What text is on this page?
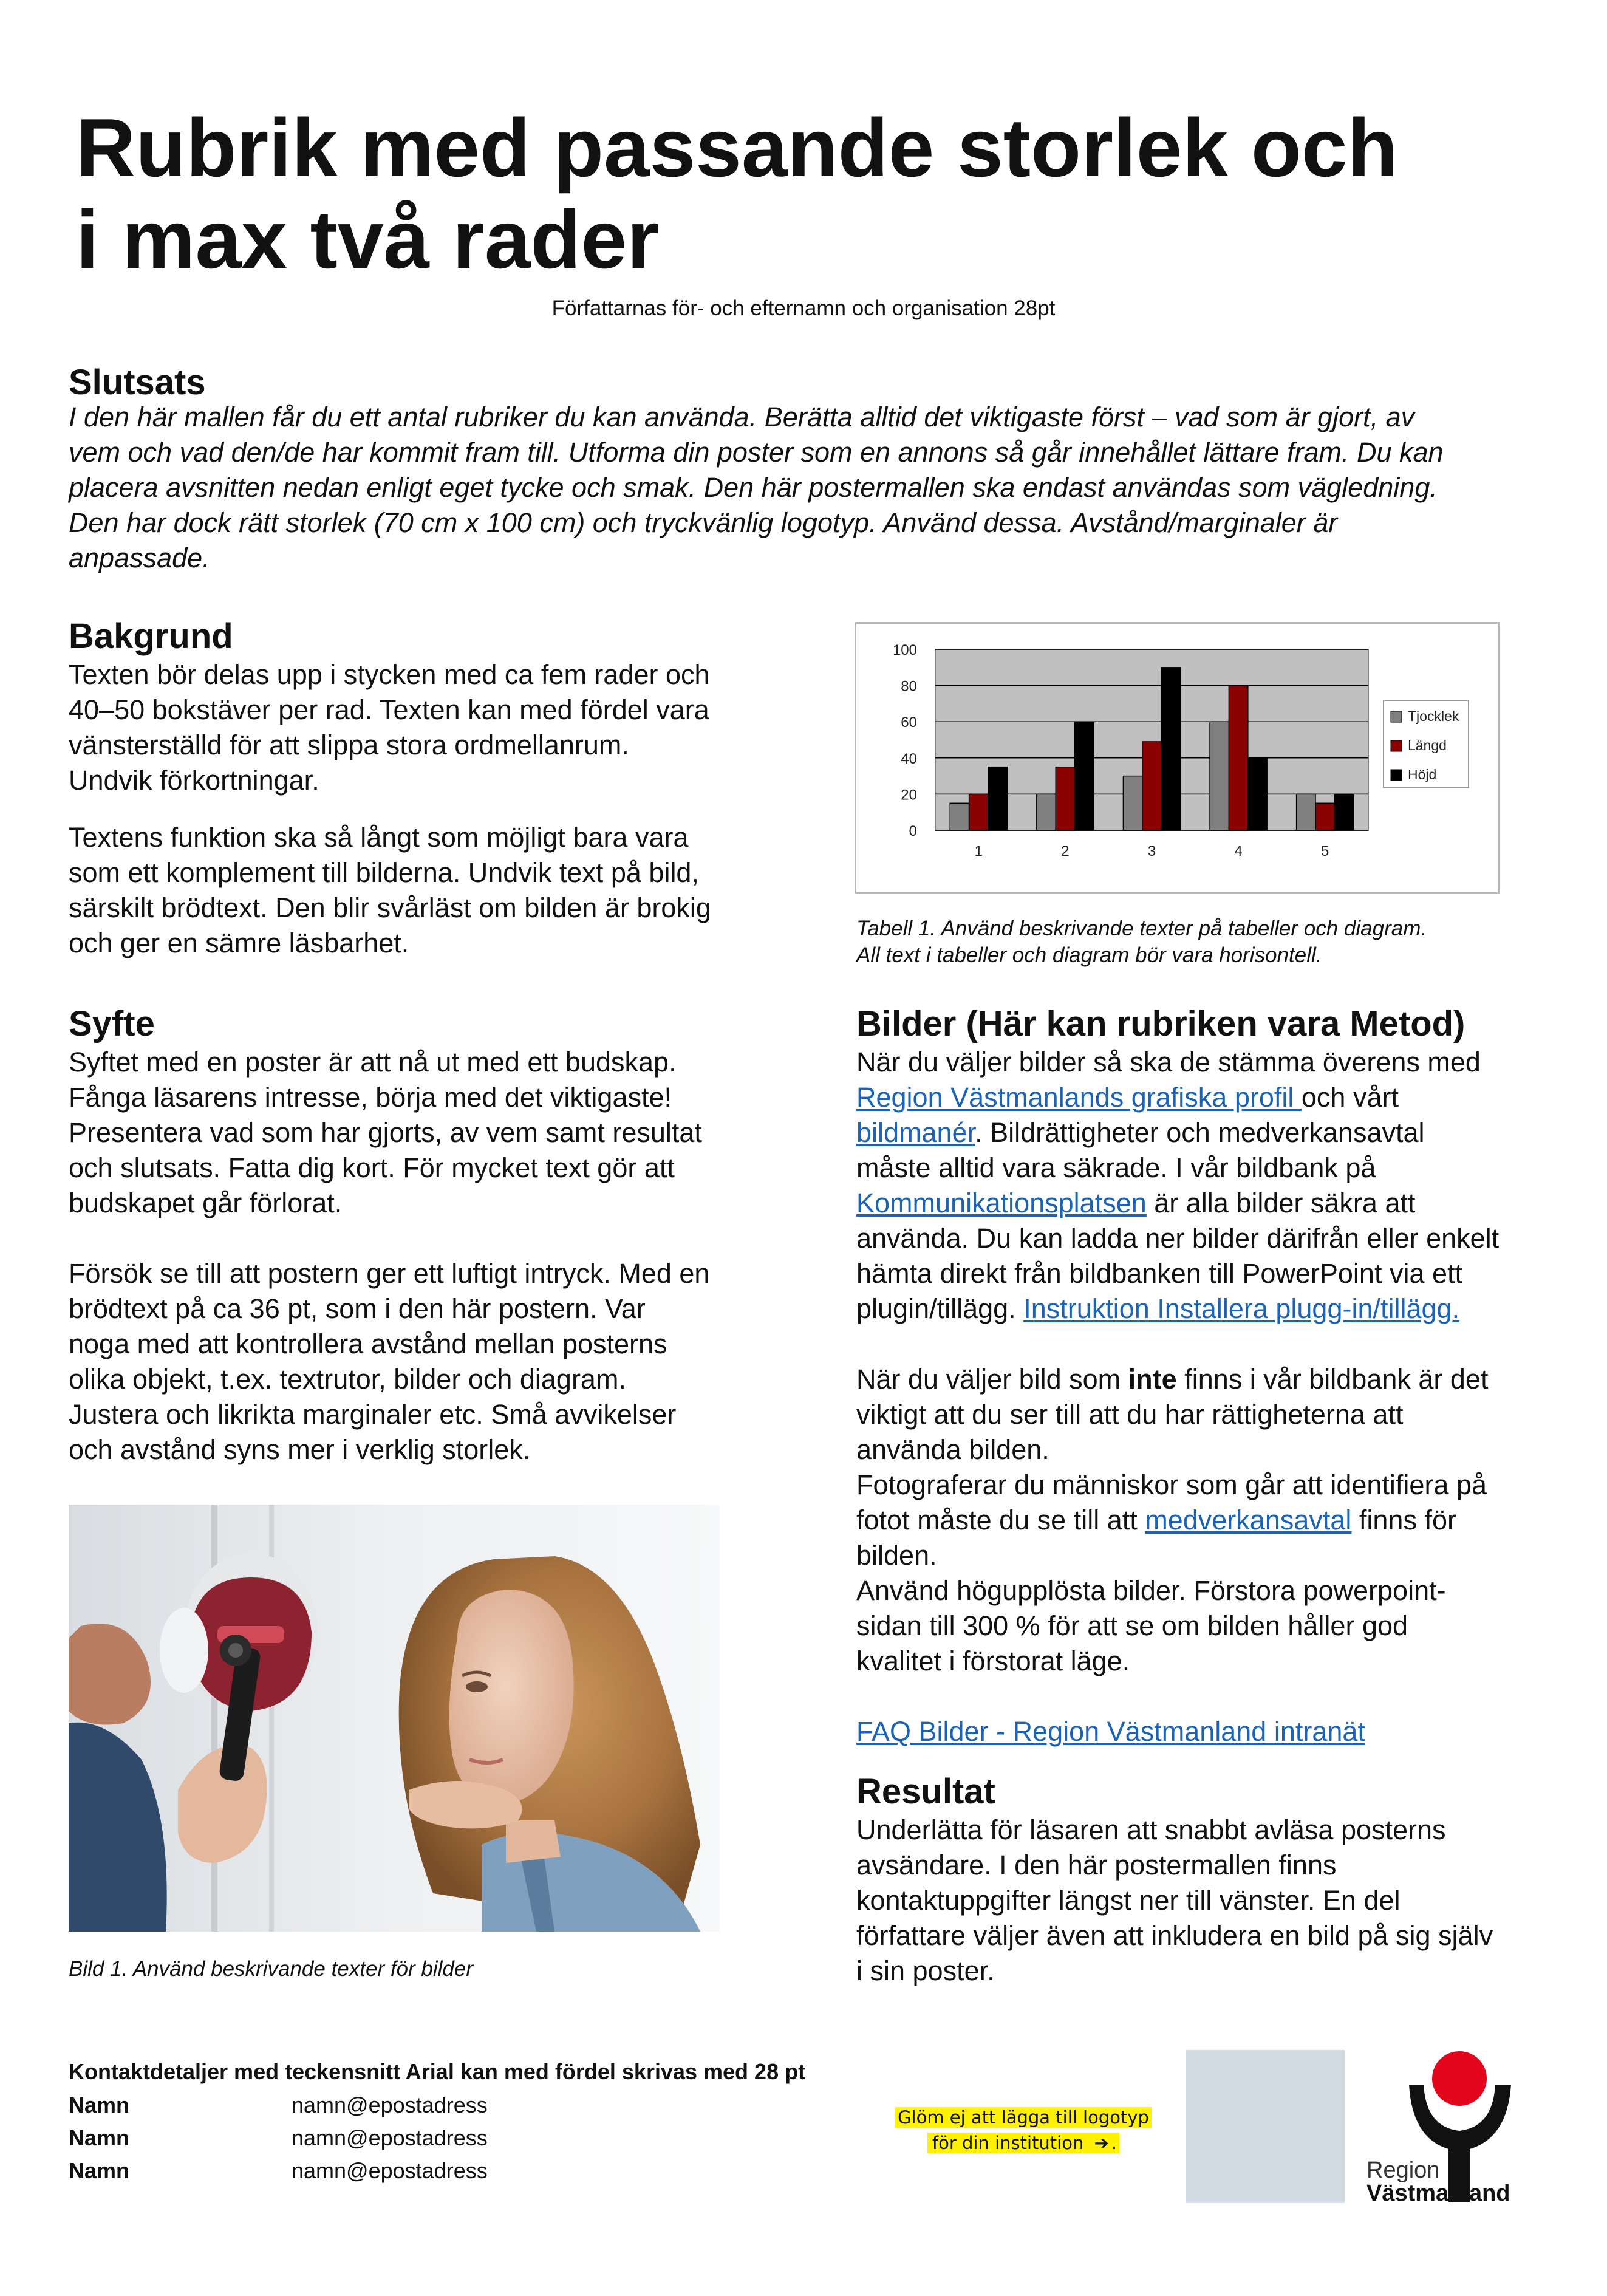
Rubrik med passande storlek och
i max två rader
Författarnas för- och efternamn och organisation 28pt
Slutsats

I den här mallen får du ett antal rubriker du kan använda. Berätta alltid det viktigaste först – vad som är gjort, av

vem och vad den/de har kommit fram till. Utforma din poster som en annons så går innehållet lättare fram. Du kan

placera avsnitten nedan enligt eget tycke och smak. Den här postermallen ska endast användas som vägledning.

Den har dock rätt storlek (70 cm x 100 cm) och tryckvänlig logotyp. Använd dessa. Avstånd/marginaler är

anpassade.

Bakgrund

Texten bör delas upp i stycken med ca fem rader och

40–50 bokstäver per rad. Texten kan med fördel vara

vänsterställd för att slippa stora ordmellanrum.

Undvik förkortningar.

Textens funktion ska så långt som möjligt bara vara

som ett komplement till bilderna. Undvik text på bild,

särskilt brödtext. Den blir svårläst om bilden är brokig

och ger en sämre läsbarhet.

0
20
40
60
80
100
1	2	3	4	5
Tjocklek
Längd
Höjd
Tabell 1. Använd beskrivande texter på tabeller och diagram.
All text i tabeller och diagram bör vara horisontell.
Syfte

Syftet med en poster är att nå ut med ett budskap.

Fånga läsarens intresse, börja med det viktigaste!

Presentera vad som har gjorts, av vem samt resultat

och slutsats. Fatta dig kort. För mycket text gör att

budskapet går förlorat.

Försök se till att postern ger ett luftigt intryck. Med en

brödtext på ca 36 pt, som i den här postern. Var

noga med att kontrollera avstånd mellan posterns

olika objekt, t.ex. textrutor, bilder och diagram.

Justera och likrikta marginaler etc. Små avvikelser

och avstånd syns mer i verklig storlek.

Bild 1. Använd beskrivande texter för bilder
Bilder (Här kan rubriken vara Metod)

När du väljer bilder så ska de stämma överens med

Region Västmanlands grafiska profil och vårt

bildmanér. Bildrättigheter och medverkansavtal

måste alltid vara säkrade. I vår bildbank på

Kommunikationsplatsen är alla bilder säkra att

använda. Du kan ladda ner bilder därifrån eller enkelt

hämta direkt från bildbanken till PowerPoint via ett

plugin/tillägg. Instruktion Installera plugg-in/tillägg.

När du väljer bild som inte finns i vår bildbank är det

viktigt att du ser till att du har rättigheterna att

använda bilden.

Fotograferar du människor som går att identifiera på

fotot måste du se till att medverkansavtal finns för

bilden.

Använd högupplösta bilder. Förstora powerpoint-

sidan till 300 % för att se om bilden håller god

kvalitet i förstorat läge.

FAQ Bilder - Region Västmanland intranät

Resultat

Underlätta för läsaren att snabbt avläsa posterns

avsändare. I den här postermallen finns

kontaktuppgifter längst ner till vänster. En del

författare väljer även att inkludera en bild på sig själv

i sin poster.

Kontaktdetaljer med teckensnitt Arial kan med fördel skrivas med 28 pt
Namn	namn@epostadress
Namn	namn@epostadress
Namn	namn@epostadress
Glöm ej att lägga till logotyp
för din institution ➔ .
Region
Västmanland
